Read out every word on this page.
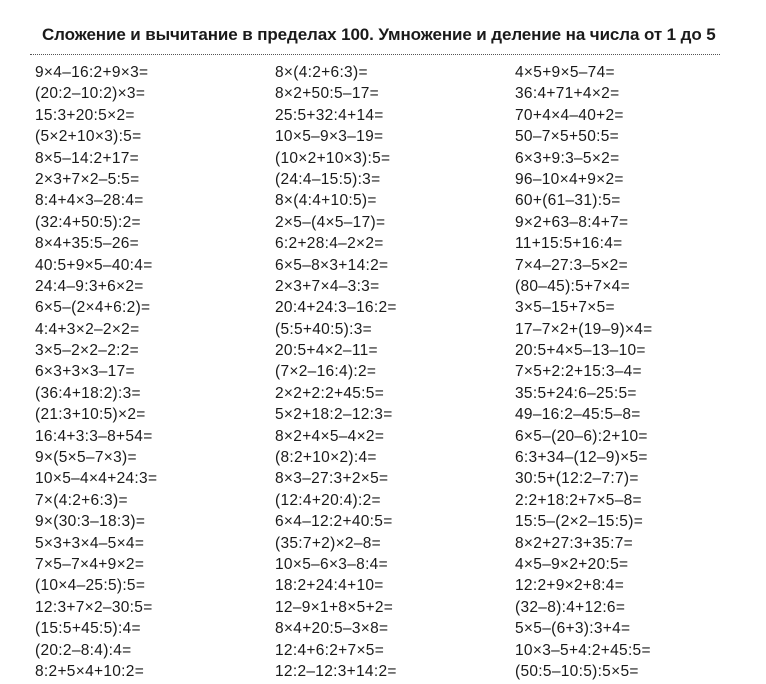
Сложение и вычитание в пределах 100. Умножение и деление на числа от 1 до 5
9×4–16:2+9×3=
(20:2–10:2)×3=
15:3+20:5×2=
(5×2+10×3):5=
8×5–14:2+17=
2×3+7×2–5:5=
8:4+4×3–28:4=
(32:4+50:5):2=
8×4+35:5–26=
40:5+9×5–40:4=
24:4–9:3+6×2=
6×5–(2×4+6:2)=
4:4+3×2–2×2=
3×5–2×2–2:2=
6×3+3×3–17=
(36:4+18:2):3=
(21:3+10:5)×2=
16:4+3:3–8+54=
9×(5×5–7×3)=
10×5–4×4+24:3=
7×(4:2+6:3)=
9×(30:3–18:3)=
5×3+3×4–5×4=
7×5–7×4+9×2=
(10×4–25:5):5=
12:3+7×2–30:5=
(15:5+45:5):4=
(20:2–8:4):4=
8:2+5×4+10:2=
8×(4:2+6:3)=
8×2+50:5–17=
25:5+32:4+14=
10×5–9×3–19=
(10×2+10×3):5=
(24:4–15:5):3=
8×(4:4+10:5)=
2×5–(4×5–17)=
6:2+28:4–2×2=
6×5–8×3+14:2=
2×3+7×4–3:3=
20:4+24:3–16:2=
(5:5+40:5):3=
20:5+4×2–11=
(7×2–16:4):2=
2×2+2:2+45:5=
5×2+18:2–12:3=
8×2+4×5–4×2=
(8:2+10×2):4=
8×3–27:3+2×5=
(12:4+20:4):2=
6×4–12:2+40:5=
(35:7+2)×2–8=
10×5–6×3–8:4=
18:2+24:4+10=
12–9×1+8×5+2=
8×4+20:5–3×8=
12:4+6:2+7×5=
12:2–12:3+14:2=
4×5+9×5–74=
36:4+71+4×2=
70+4×4–40+2=
50–7×5+50:5=
6×3+9:3–5×2=
96–10×4+9×2=
60+(61–31):5=
9×2+63–8:4+7=
11+15:5+16:4=
7×4–27:3–5×2=
(80–45):5+7×4=
3×5–15+7×5=
17–7×2+(19–9)×4=
20:5+4×5–13–10=
7×5+2:2+15:3–4=
35:5+24:6–25:5=
49–16:2–45:5–8=
6×5–(20–6):2+10=
6:3+34–(12–9)×5=
30:5+(12:2–7:7)=
2:2+18:2+7×5–8=
15:5–(2×2–15:5)=
8×2+27:3+35:7=
4×5–9×2+20:5=
12:2+9×2+8:4=
(32–8):4+12:6=
5×5–(6+3):3+4=
10×3–5+4:2+45:5=
(50:5–10:5):5×5=
